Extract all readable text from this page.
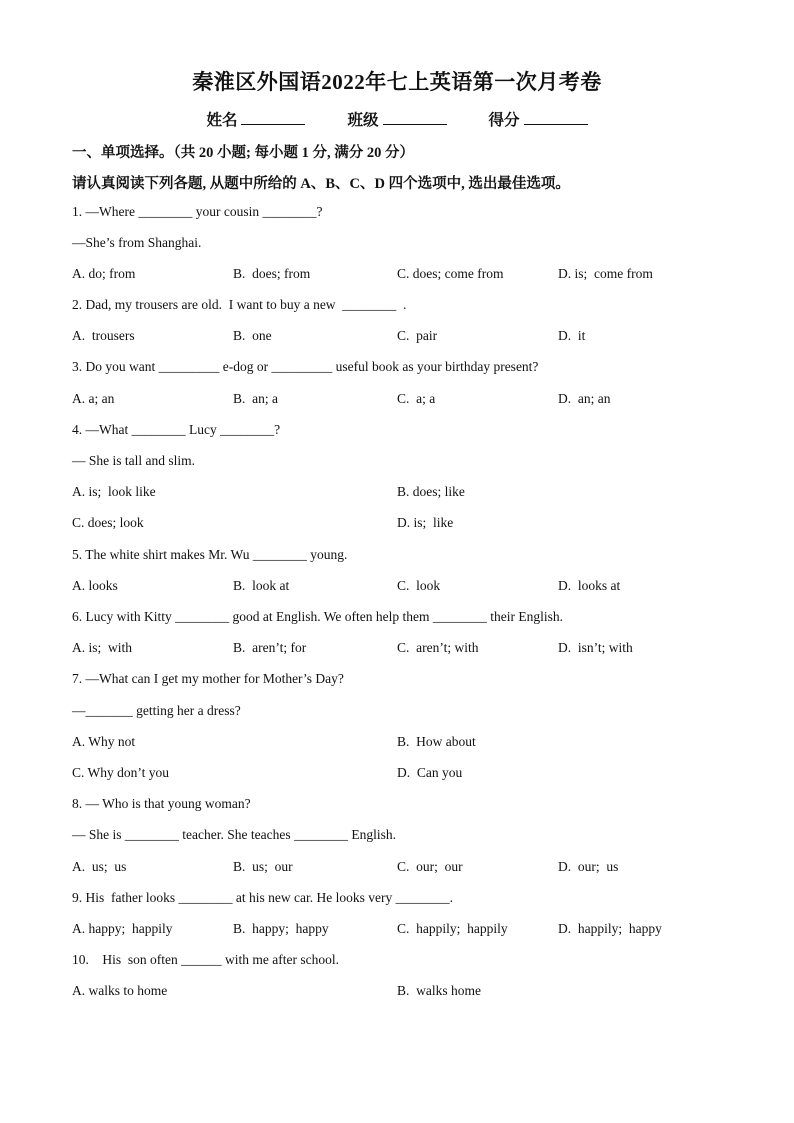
秦淮区外国语2022年七上英语第一次月考卷
姓名	班级	得分
一、单项选择。（共 20 小题; 每小题 1 分, 满分 20 分）
请认真阅读下列各题, 从题中所给的 A、B、C、D 四个选项中, 选出最佳选项。
1. —Where ________ your cousin ________?
—She’s from Shanghai.
A. do; from	B.  does; from	C. does; come from	D. is;  come from
2. Dad, my trousers are old.  I want to buy a new  ________  .
A.  trousers	B.  one	C.  pair	D.  it
3. Do you want _________ e-dog or _________ useful book as your birthday present?
A. a; an	B.  an; a	C.  a; a	D.  an; an
4. —What ________ Lucy ________?
— She is tall and slim.
A. is;  look like	B. does; like
C. does; look	D. is;  like
5. The white shirt makes Mr. Wu ________ young.
A. looks	B.  look at	C.  look	D.  looks at
6. Lucy with Kitty ________ good at English. We often help them ________ their English.
A. is;  with	B.  aren’t; for	C.  aren’t; with	D.  isn’t; with
7. —What can I get my mother for Mother’s Day?
—_______ getting her a dress?
A. Why not	B.  How about
C. Why don’t you	D.  Can you
8. — Who is that young woman?
— She is ________ teacher. She teaches ________ English.
A.  us;  us	B.  us;  our	C.  our;  our	D.  our;  us
9. His  father looks ________ at his new car. He looks very ________.
A. happy;  happily	B.  happy;  happy	C.  happily;  happily	D.  happily;  happy
10.    His  son often ______ with me after school.
A. walks to home	B.  walks home
